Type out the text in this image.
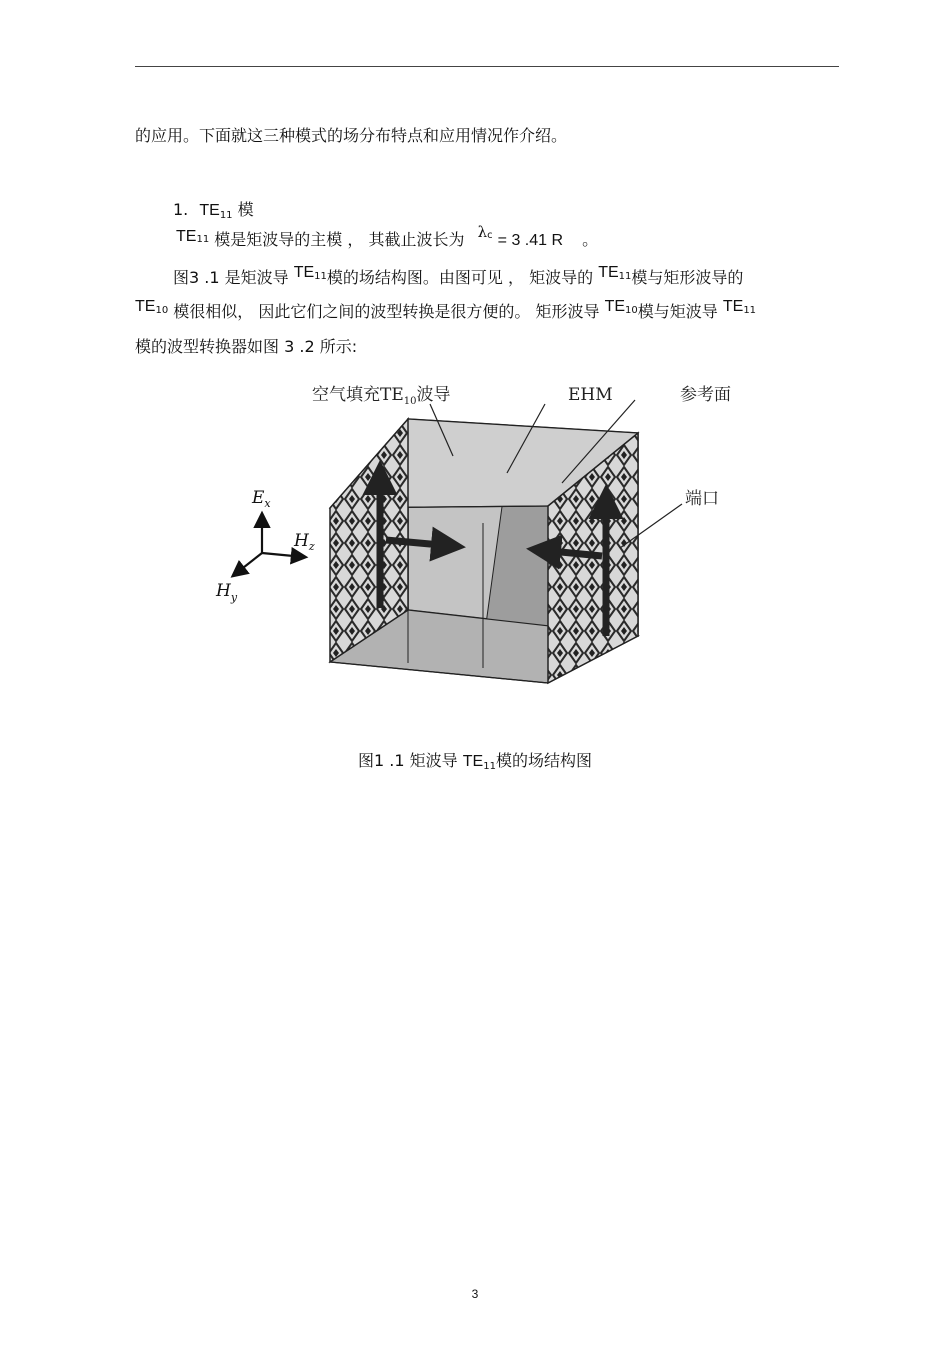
的应用。下面就这三种模式的场分布特点和应用情况作介绍。
1. $TE_{11}$ 模
$TE_{11}$ 模是矩波导的主模 ， 其截止波长为 $\lambda^c = 3$ .41 R 。
图3 .1 是矩波导 TE$^{11}$模的场结构图。由图可见 ， 矩波导的 TE$^{11}$模与矩形波导的
TE$^{10}$ 模很相似， 因此它们之间的波型转换是很方便的。 矩形波导 TE$^{10}$模与矩波导 TE$^{11}$
模的波型转换器如图 3 .2 所示:
空气填充$TE_{10}$波导	EHM	参考面
端口
$E_x$
$H_z$
$H_y$
图1 .1 矩波导 $TE_{11}$模的场结构图
3
